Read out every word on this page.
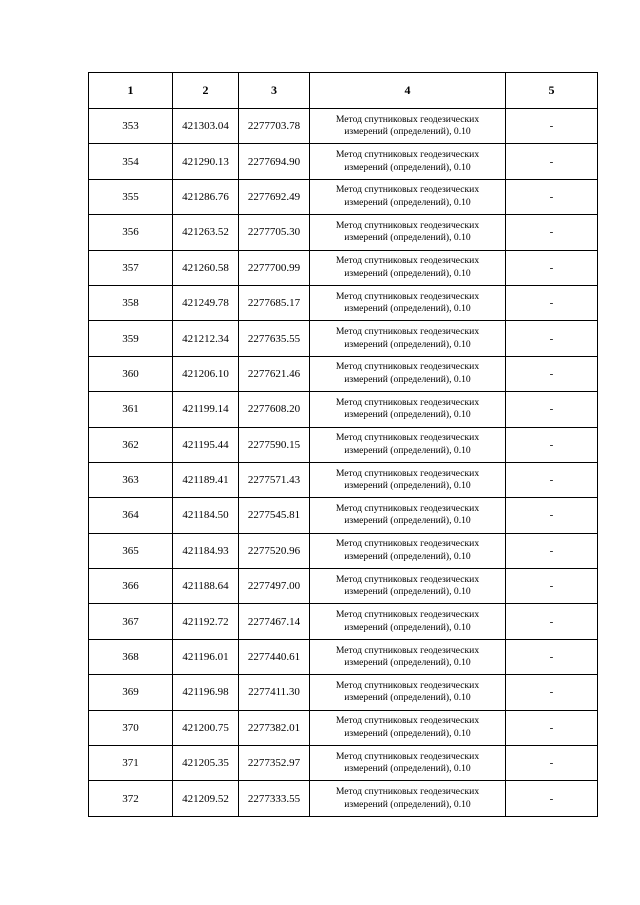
1	2	3	4	5
353	421303.04	2277703.78	Метод спутниковых геодезических
измерений (определений), 0.10	-
354	421290.13	2277694.90	Метод спутниковых геодезических
измерений (определений), 0.10	-
355	421286.76	2277692.49	Метод спутниковых геодезических
измерений (определений), 0.10	-
356	421263.52	2277705.30	Метод спутниковых геодезических
измерений (определений), 0.10	-
357	421260.58	2277700.99	Метод спутниковых геодезических
измерений (определений), 0.10	-
358	421249.78	2277685.17	Метод спутниковых геодезических
измерений (определений), 0.10	-
359	421212.34	2277635.55	Метод спутниковых геодезических
измерений (определений), 0.10	-
360	421206.10	2277621.46	Метод спутниковых геодезических
измерений (определений), 0.10	-
361	421199.14	2277608.20	Метод спутниковых геодезических
измерений (определений), 0.10	-
362	421195.44	2277590.15	Метод спутниковых геодезических
измерений (определений), 0.10	-
363	421189.41	2277571.43	Метод спутниковых геодезических
измерений (определений), 0.10	-
364	421184.50	2277545.81	Метод спутниковых геодезических
измерений (определений), 0.10	-
365	421184.93	2277520.96	Метод спутниковых геодезических
измерений (определений), 0.10	-
366	421188.64	2277497.00	Метод спутниковых геодезических
измерений (определений), 0.10	-
367	421192.72	2277467.14	Метод спутниковых геодезических
измерений (определений), 0.10	-
368	421196.01	2277440.61	Метод спутниковых геодезических
измерений (определений), 0.10	-
369	421196.98	2277411.30	Метод спутниковых геодезических
измерений (определений), 0.10	-
370	421200.75	2277382.01	Метод спутниковых геодезических
измерений (определений), 0.10	-
371	421205.35	2277352.97	Метод спутниковых геодезических
измерений (определений), 0.10	-
372	421209.52	2277333.55	Метод спутниковых геодезических
измерений (определений), 0.10	-
